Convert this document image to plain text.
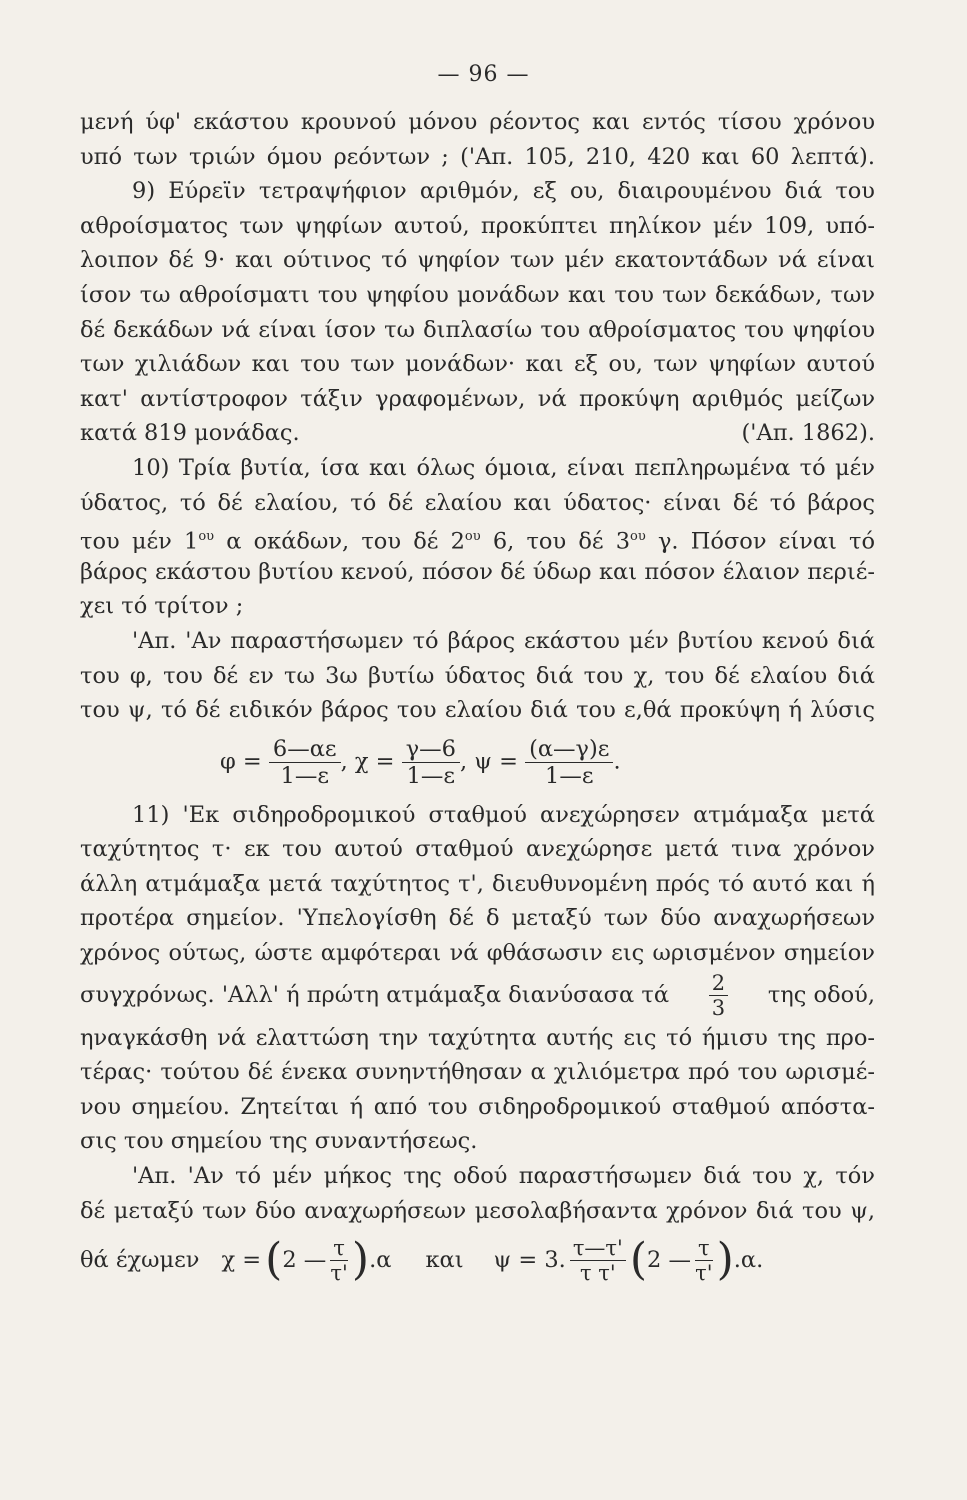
— 96 —
μενή ύφ' εκάστου κρουνού μόνου ρέοντος και εντός τίσου χρόνου
υπό των τριών όμου ρεόντων ; ('Απ. 105, 210, 420 και 60 λεπτά).
9) Εύρεϊν τετραψήφιον αριθμόν, εξ ου, διαιρουμένου διά του
αθροίσματος των ψηφίων αυτού, προκύπτει πηλίκον μέν 109, υπό-
λοιπον δέ 9· και ούτινος τό ψηφίον των μέν εκατοντάδων νά είναι
ίσον τω αθροίσματι του ψηφίου μονάδων και του των δεκάδων, των
δέ δεκάδων νά είναι ίσον τω διπλασίω του αθροίσματος του ψηφίου
των χιλιάδων και του των μονάδων· και εξ ου, των ψηφίων αυτού
κατ' αντίστροφον τάξιν γραφομένων, νά προκύψη αριθμός μείζων
κατά 819 μονάδας.	('Απ. 1862).
10) Τρία βυτία, ίσα και όλως όμοια, είναι πεπληρωμένα τό μέν
ύδατος, τό δέ ελαίου, τό δέ ελαίου και ύδατος· είναι δέ τό βάρος
του μέν $1^{o\upsilon}$ α οκάδων, του δέ $2^{o\upsilon}$ 6, του δέ $3^{o\upsilon}$ γ. Πόσον είναι τό
βάρος εκάστου βυτίου κενού, πόσον δέ ύδωρ και πόσον έλαιον περιέ-
χει τό τρίτον ;
'Απ. 'Αν παραστήσωμεν τό βάρος εκάστου μέν βυτίου κενού διά
του φ, του δέ εν τω 3ω βυτίω ύδατος διά του χ, του δέ ελαίου διά
του ψ, τό δέ ειδικόν βάρος του ελαίου διά του ε,θά προκύψη ή λύσις
$\varphi = \frac{6—\alpha\varepsilon}{1—\varepsilon}$ , $\chi = \frac{\gamma—6}{1—\varepsilon}$ , $\psi = \frac{(\alpha—\gamma)\varepsilon}{1—\varepsilon}$ .
11) 'Εκ σιδηροδρομικού σταθμού ανεχώρησεν ατμάμαξα μετά
ταχύτητος τ· εκ του αυτού σταθμού ανεχώρησε μετά τινα χρόνον
άλλη ατμάμαξα μετά ταχύτητος τ', διευθυνομένη πρός τό αυτό και ή
προτέρα σημείον. 'Υπελογίσθη δέ δ μεταξύ των δύο αναχωρήσεων
χρόνος ούτως, ώστε αμφότεραι νά φθάσωσιν εις ωρισμένον σημείον
συγχρόνως. 'Αλλ' ή πρώτη ατμάμαξα διανύσασα τά $\frac{2}{3}$ της οδού,
ηναγκάσθη νά ελαττώση την ταχύτητα αυτής εις τό ήμισυ της προ-
τέρας· τούτου δέ ένεκα συνηντήθησαν α χιλιόμετρα πρό του ωρισμέ-
νου σημείου. Ζητείται ή από του σιδηροδρομικού σταθμού απόστα-
σις του σημείου της συναντήσεως.
'Απ. 'Αν τό μέν μήκος της οδού παραστήσωμεν διά του χ, τόν
δέ μεταξύ των δύο αναχωρήσεων μεσολαβήσαντα χρόνον διά του ψ,
θά έχωμεν χ = ( 2 — $\frac{\tau}{\tau'}$ ) .α και ψ = 3. $\frac{\tau—\tau'}{\text{τ τ'}}$ ( 2 — $\frac{\tau}{\tau'}$ ) .α.
